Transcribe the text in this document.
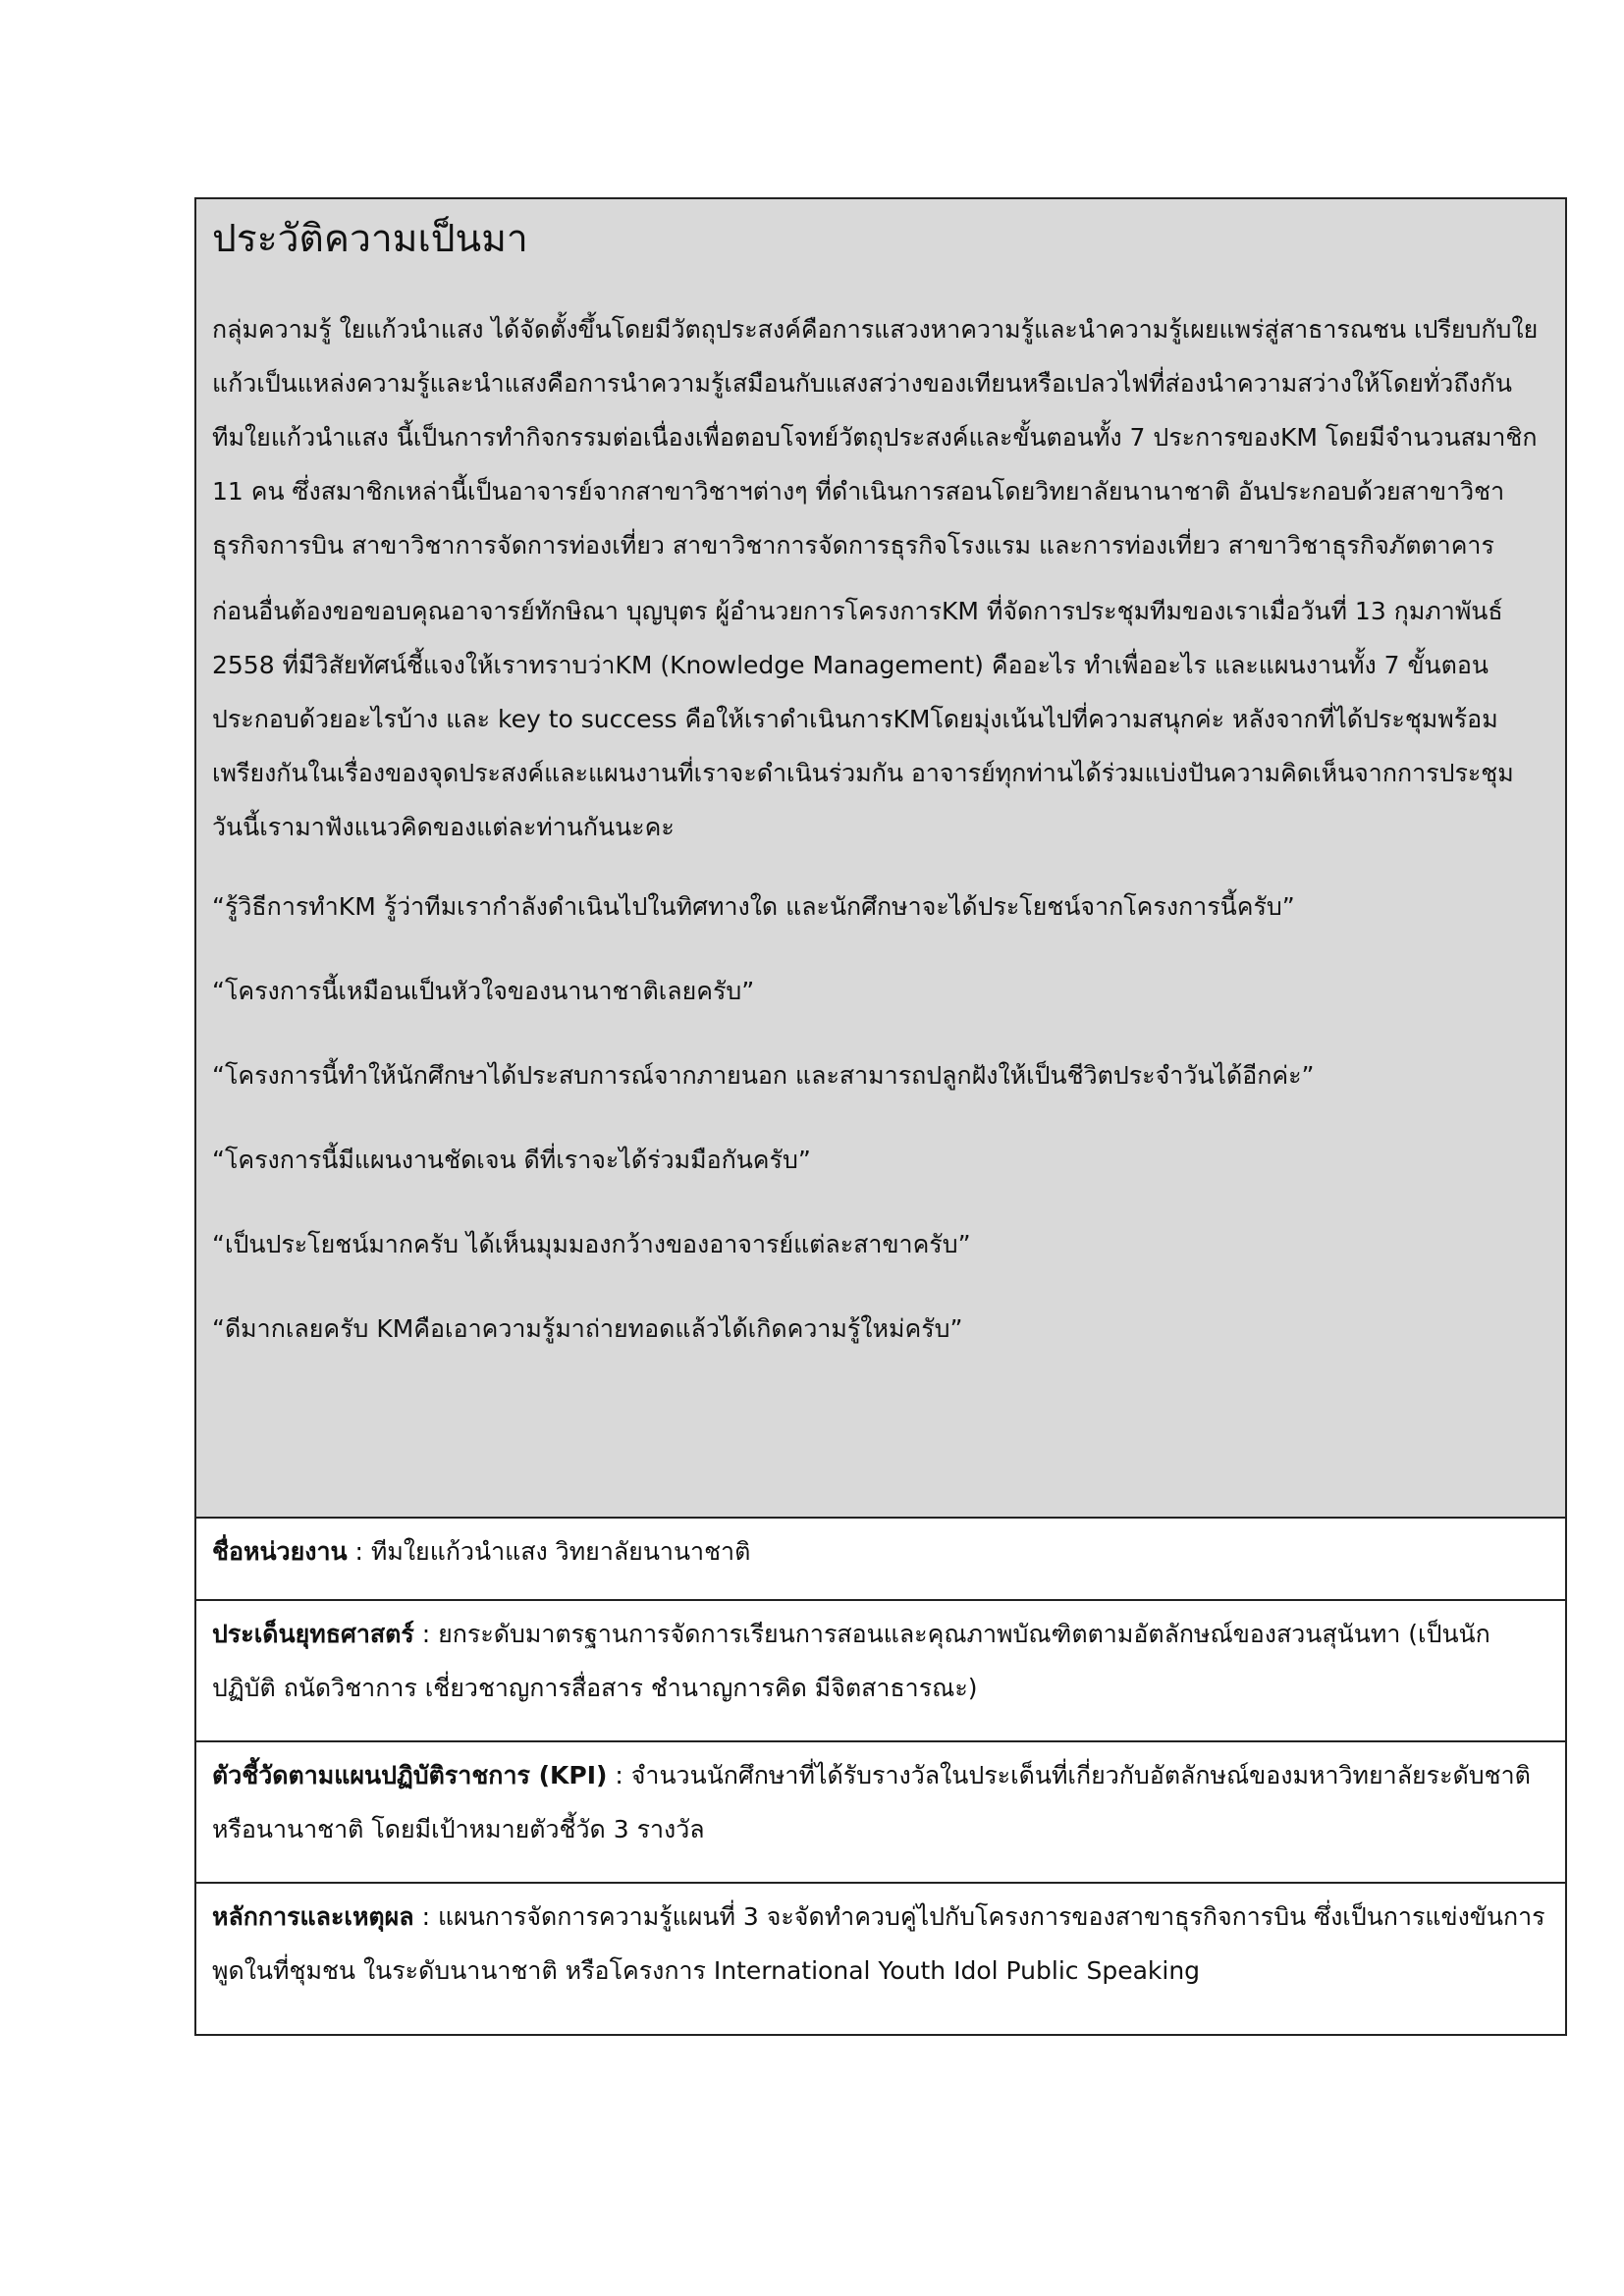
ประวัติความเป็นมา

กลุ่มความรู้ ใยแก้วนำแสง ได้จัดตั้งขึ้นโดยมีวัตถุประสงค์คือการแสวงหาความรู้และนำความรู้เผยแพร่สู่สาธารณชน เปรียบกับใยแก้วเป็นแหล่งความรู้และนำแสงคือการนำความรู้เสมือนกับแสงสว่างของเทียนหรือเปลวไฟที่ส่องนำความสว่างให้โดยทั่วถึงกัน ทีมใยแก้วนำแสง นี้เป็นการทำกิจกรรมต่อเนื่องเพื่อตอบโจทย์วัตถุประสงค์และขั้นตอนทั้ง 7 ประการของKM โดยมีจำนวนสมาชิก 11 คน ซึ่งสมาชิกเหล่านี้เป็นอาจารย์จากสาขาวิชาฯต่างๆ ที่ดำเนินการสอนโดยวิทยาลัยนานาชาติ อันประกอบด้วยสาขาวิชาธุรกิจการบิน สาขาวิชาการจัดการท่องเที่ยว สาขาวิชาการจัดการธุรกิจโรงแรม และการท่องเที่ยว สาขาวิชาธุรกิจภัตตาคาร

ก่อนอื่นต้องขอขอบคุณอาจารย์ทักษิณา บุญบุตร ผู้อำนวยการโครงการKM ที่จัดการประชุมทีมของเราเมื่อวันที่ 13 กุมภาพันธ์ 2558 ที่มีวิสัยทัศน์ชี้แจงให้เราทราบว่าKM (Knowledge Management) คืออะไร ทำเพื่ออะไร และแผนงานทั้ง 7 ขั้นตอนประกอบด้วยอะไรบ้าง และ key to success คือให้เราดำเนินการKMโดยมุ่งเน้นไปที่ความสนุกค่ะ หลังจากที่ได้ประชุมพร้อมเพรียงกันในเรื่องของจุดประสงค์และแผนงานที่เราจะดำเนินร่วมกัน อาจารย์ทุกท่านได้ร่วมแบ่งปันความคิดเห็นจากการประชุม วันนี้เรามาฟังแนวคิดของแต่ละท่านกันนะคะ

“รู้วิธีการทำKM รู้ว่าทีมเรากำลังดำเนินไปในทิศทางใด และนักศึกษาจะได้ประโยชน์จากโครงการนี้ครับ”

“โครงการนี้เหมือนเป็นหัวใจของนานาชาติเลยครับ”

“โครงการนี้ทำให้นักศึกษาได้ประสบการณ์จากภายนอก และสามารถปลูกฝังให้เป็นชีวิตประจำวันได้อีกค่ะ”

“โครงการนี้มีแผนงานชัดเจน ดีที่เราจะได้ร่วมมือกันครับ”

“เป็นประโยชน์มากครับ ได้เห็นมุมมองกว้างของอาจารย์แต่ละสาขาครับ”

“ดีมากเลยครับ KMคือเอาความรู้มาถ่ายทอดแล้วได้เกิดความรู้ใหม่ครับ”

ชื่อหน่วยงาน : ทีมใยแก้วนำแสง วิทยาลัยนานาชาติ
ประเด็นยุทธศาสตร์ : ยกระดับมาตรฐานการจัดการเรียนการสอนและคุณภาพบัณฑิตตามอัตลักษณ์ของสวนสุนันทา (เป็นนักปฏิบัติ ถนัดวิชาการ เชี่ยวชาญการสื่อสาร ชำนาญการคิด มีจิตสาธารณะ)
ตัวชี้วัดตามแผนปฏิบัติราชการ (KPI) : จำนวนนักศึกษาที่ได้รับรางวัลในประเด็นที่เกี่ยวกับอัตลักษณ์ของมหาวิทยาลัยระดับชาติหรือนานาชาติ โดยมีเป้าหมายตัวชี้วัด 3 รางวัล
หลักการและเหตุผล : แผนการจัดการความรู้แผนที่ 3 จะจัดทำควบคู่ไปกับโครงการของสาขาธุรกิจการบิน ซึ่งเป็นการแข่งขันการพูดในที่ชุมชน ในระดับนานาชาติ หรือโครงการ International Youth Idol Public Speaking
